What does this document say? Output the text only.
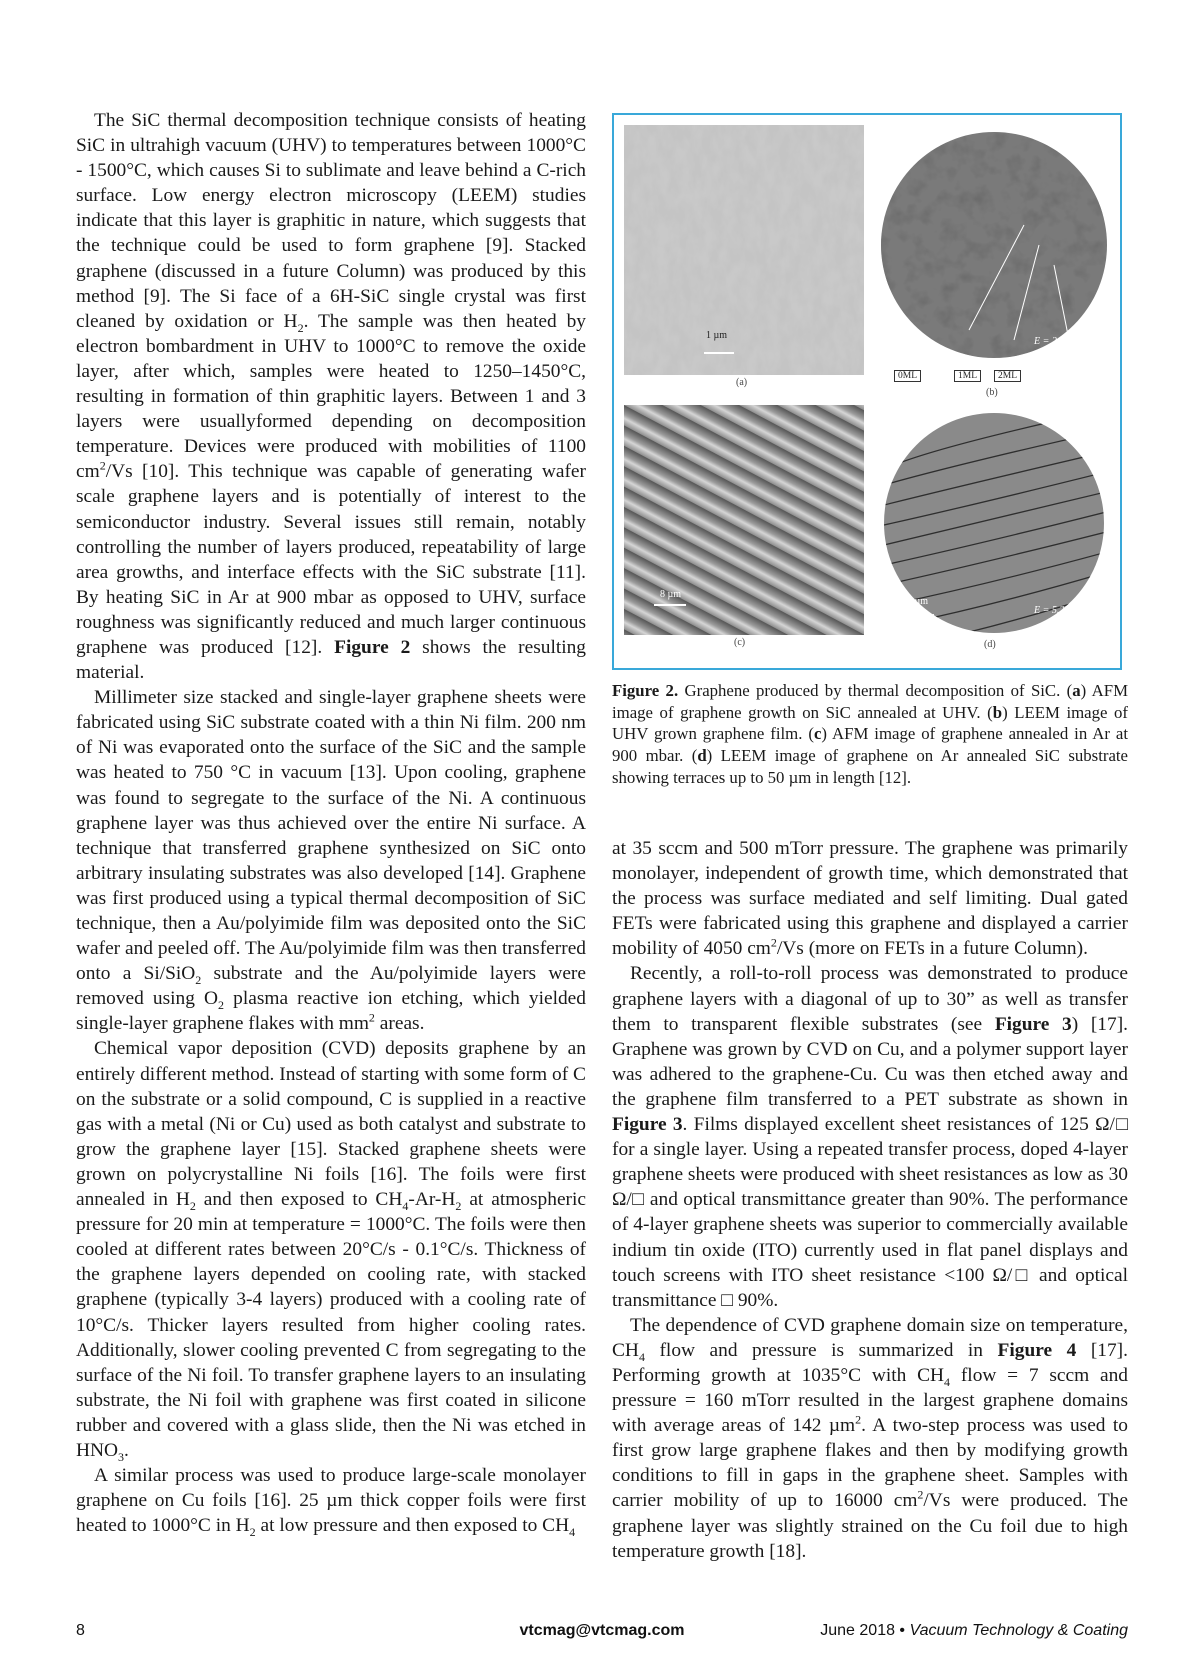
The SiC thermal decomposition technique consists of heating SiC in ultrahigh vacuum (UHV) to temperatures between 1000°C - 1500°C, which causes Si to sublimate and leave behind a C-rich surface. Low energy electron microscopy (LEEM) studies indicate that this layer is graphitic in nature, which suggests that the technique could be used to form graphene [9]. Stacked graphene (discussed in a future Column) was produced by this method [9]. The Si face of a 6H-SiC single crystal was first cleaned by oxidation or $H_2$. The sample was then heated by electron bombardment in UHV to 1000°C to remove the oxide layer, after which, samples were heated to 1250–1450°C, resulting in formation of thin graphitic layers. Between 1 and 3 layers were usuallyformed depending on decomposition temperature. Devices were produced with mobilities of 1100 $cm^2/Vs$ [10]. This technique was capable of generating wafer scale graphene layers and is potentially of interest to the semiconductor industry. Several issues still remain, notably controlling the number of layers produced, repeatability of large area growths, and interface effects with the SiC substrate [11]. By heating SiC in Ar at 900 mbar as opposed to UHV, surface roughness was significantly reduced and much larger continuous graphene was produced [12]. Figure 2 shows the resulting material.

Millimeter size stacked and single-layer graphene sheets were fabricated using SiC substrate coated with a thin Ni film. 200 nm of Ni was evaporated onto the surface of the SiC and the sample was heated to 750 °C in vacuum [13]. Upon cooling, graphene was found to segregate to the surface of the Ni. A continuous graphene layer was thus achieved over the entire Ni surface. A technique that transferred graphene synthesized on SiC onto arbitrary insulating substrates was also developed [14]. Graphene was first produced using a typical thermal decomposition of SiC technique, then a Au/polyimide film was deposited onto the SiC wafer and peeled off. The Au/polyimide film was then transferred onto a Si/SiO$_2$ substrate and the Au/polyimide layers were removed using $O_2$ plasma reactive ion etching, which yielded single-layer graphene flakes with $mm^2$ areas.

Chemical vapor deposition (CVD) deposits graphene by an entirely different method. Instead of starting with some form of C on the substrate or a solid compound, C is supplied in a reactive gas with a metal (Ni or Cu) used as both catalyst and substrate to grow the graphene layer [15]. Stacked graphene sheets were grown on polycrystalline Ni foils [16]. The foils were first annealed in $H_2$ and then exposed to $CH_4-Ar-H_2$ at atmospheric pressure for 20 min at temperature = 1000°C. The foils were then cooled at different rates between 20°C/s - 0.1°C/s. Thickness of the graphene layers depended on cooling rate, with stacked graphene (typically 3-4 layers) produced with a cooling rate of 10°C/s. Thicker layers resulted from higher cooling rates. Additionally, slower cooling prevented C from segregating to the surface of the Ni foil. To transfer graphene layers to an insulating substrate, the Ni foil with graphene was first coated in silicone rubber and covered with a glass slide, then the Ni was etched in $HNO_3$.

A similar process was used to produce large-scale monolayer graphene on Cu foils [16]. 25 µm thick copper foils were first heated to 1000°C in $H_2$ at low pressure and then exposed to $CH_4$

1 µm
(a)
1 µm	E = 2.9 eV
0ML	1ML	2ML
(b)
8 µm
(c)
10 µm
E = 5.2 eV
(d)
Figure 2. Graphene produced by thermal decomposition of SiC. (a) AFM image of graphene growth on SiC annealed at UHV. (b) LEEM image of UHV grown graphene film. (c) AFM image of graphene annealed in Ar at 900 mbar. (d) LEEM image of graphene on Ar annealed SiC substrate showing terraces up to 50 µm in length [12].

at 35 sccm and 500 mTorr pressure. The graphene was primarily monolayer, independent of growth time, which demonstrated that the process was surface mediated and self limiting. Dual gated FETs were fabricated using this graphene and displayed a carrier mobility of 4050 $cm^2/Vs$ (more on FETs in a future Column).

Recently, a roll-to-roll process was demonstrated to produce graphene layers with a diagonal of up to 30” as well as transfer them to transparent flexible substrates (see Figure 3) [17]. Graphene was grown by CVD on Cu, and a polymer support layer was adhered to the graphene-Cu. Cu was then etched away and the graphene film transferred to a PET substrate as shown in Figure 3. Films displayed excellent sheet resistances of 125 Ω/□ for a single layer. Using a repeated transfer process, doped 4-layer graphene sheets were produced with sheet resistances as low as 30 Ω/□ and optical transmittance greater than 90%. The performance of 4-layer graphene sheets was superior to commercially available indium tin oxide (ITO) currently used in flat panel displays and touch screens with ITO sheet resistance <100 Ω/□ and optical transmittance □ 90%.

The dependence of CVD graphene domain size on temperature, $CH_4$ flow and pressure is summarized in Figure 4 [17]. Performing growth at 1035°C with $CH_4$ flow = 7 sccm and pressure = 160 mTorr resulted in the largest graphene domains with average areas of 142 µm$^2$. A two-step process was used to first grow large graphene flakes and then by modifying growth conditions to fill in gaps in the graphene sheet. Samples with carrier mobility of up to 16000 $cm^2/Vs$ were produced. The graphene layer was slightly strained on the Cu foil due to high temperature growth [18].

8	vtcmag@vtcmag.com	June 2018 • Vacuum Technology & Coating
